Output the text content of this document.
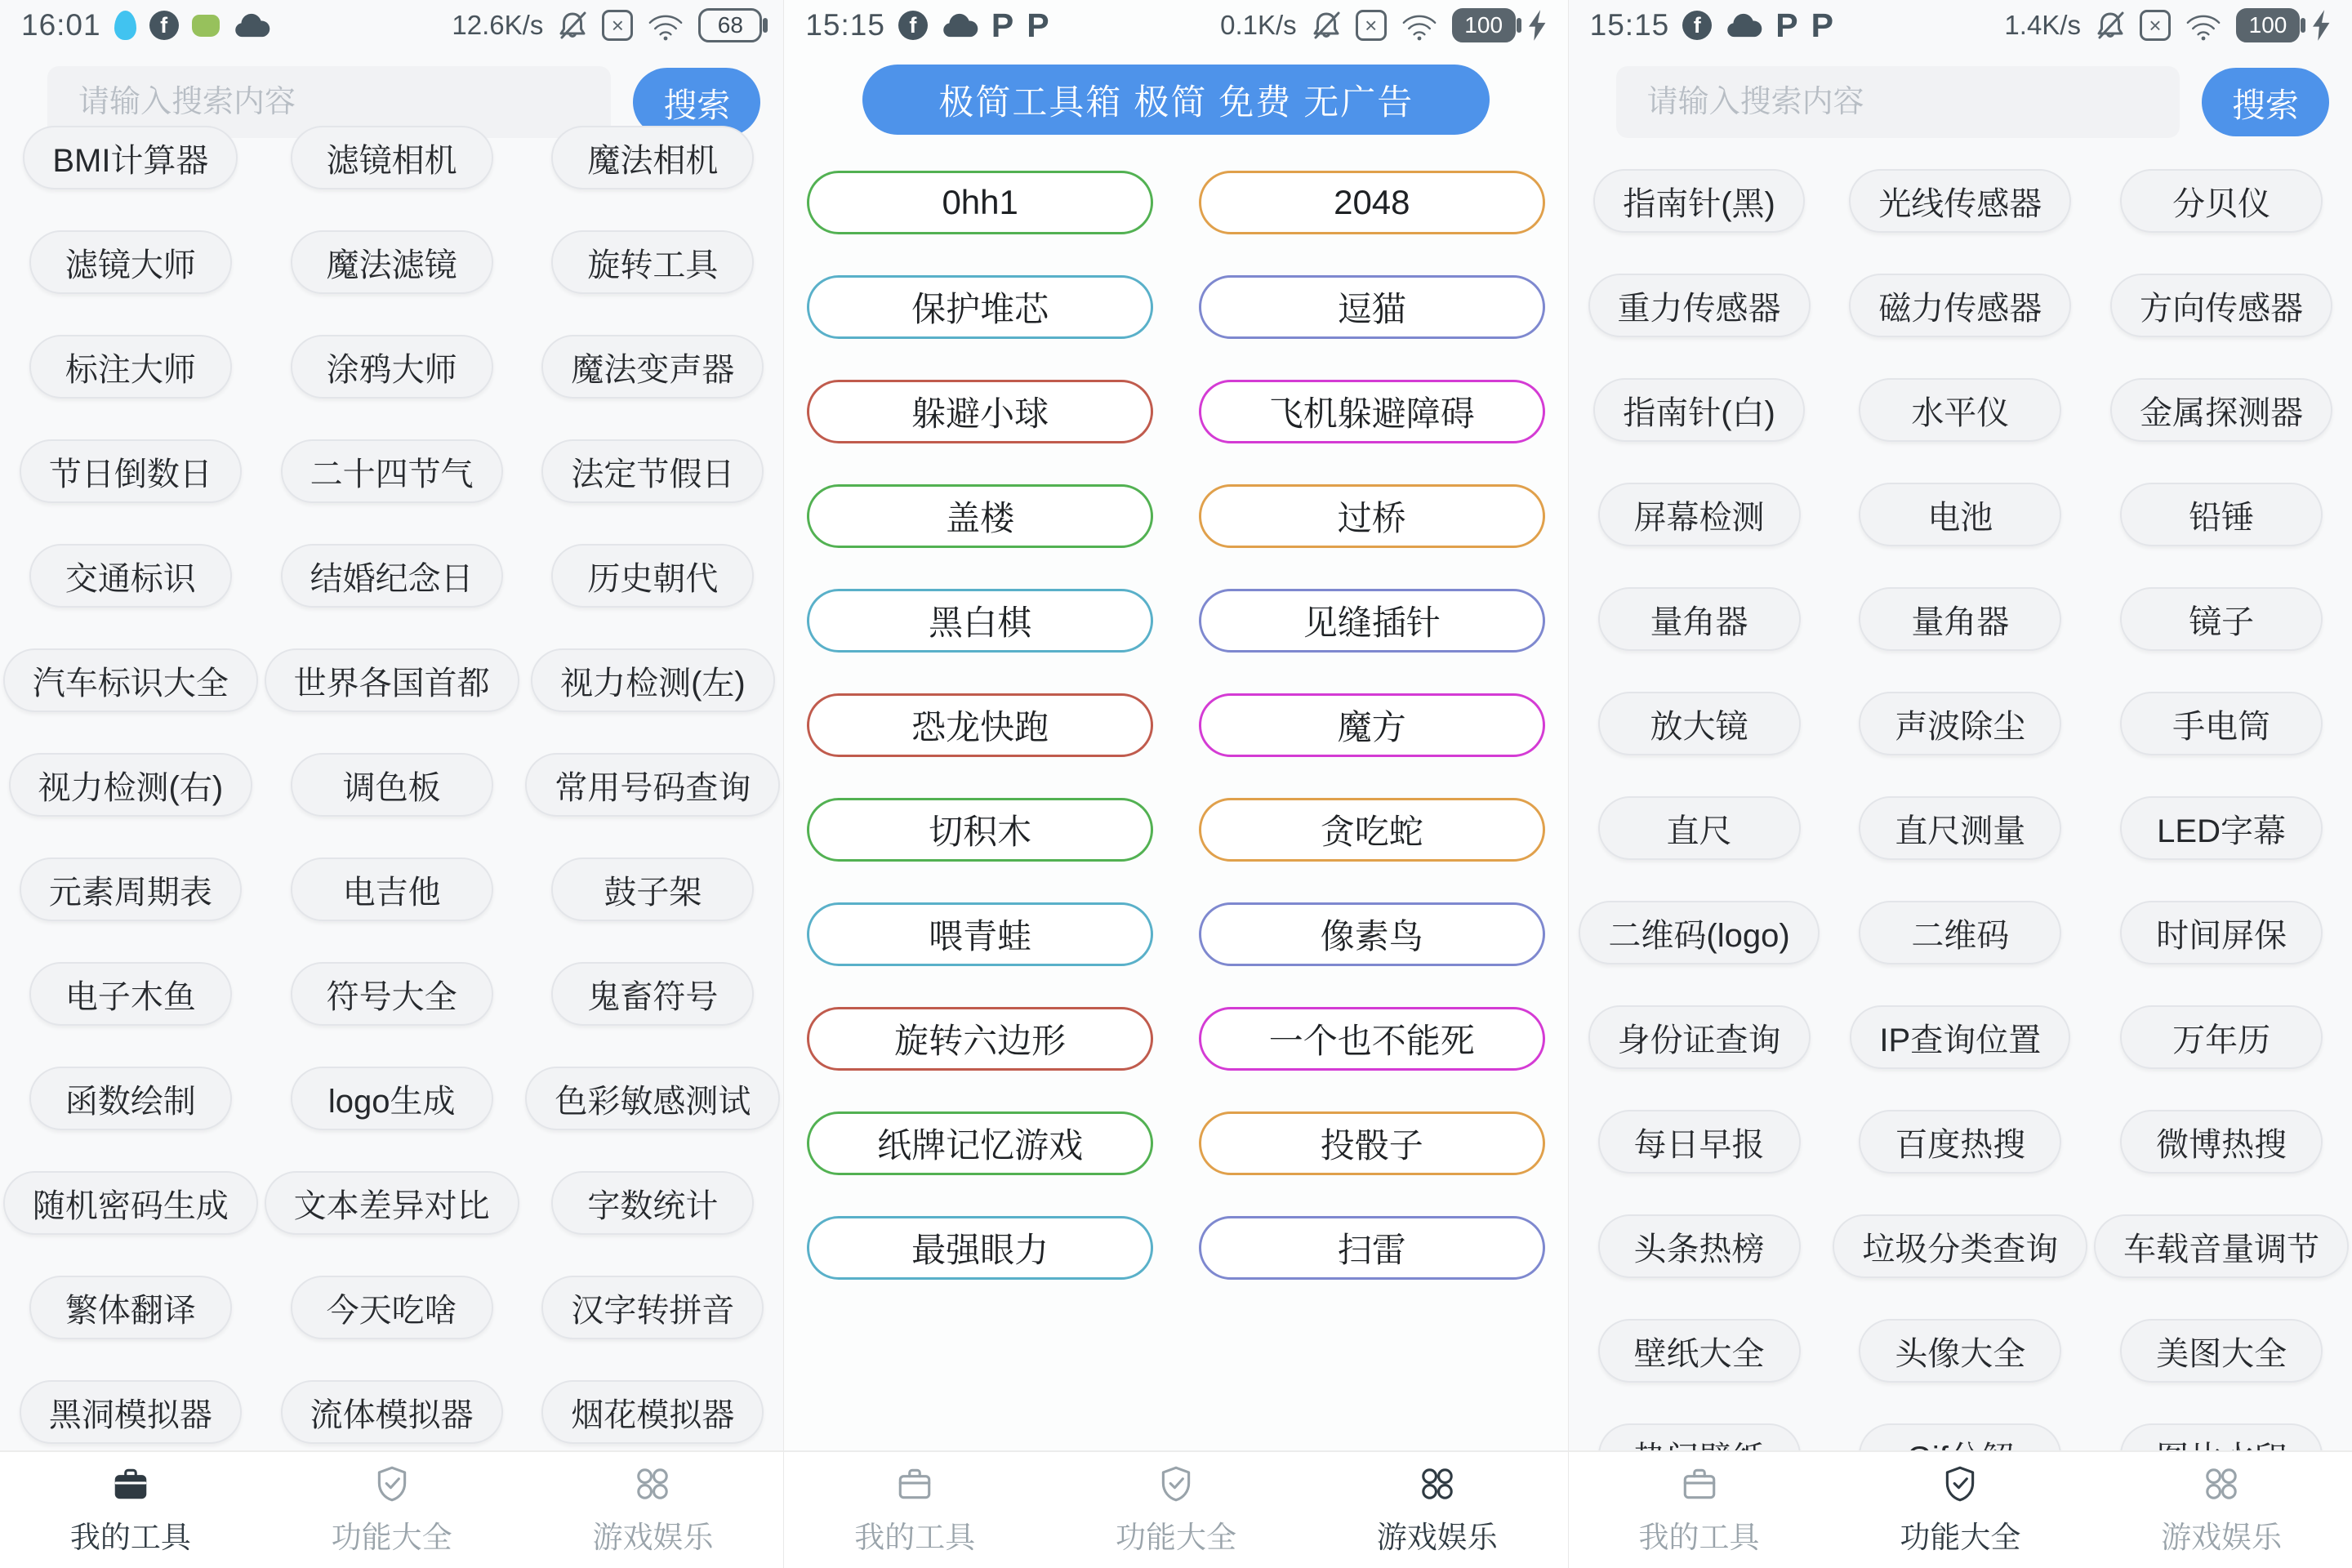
16:01	f	12.6K/s	×	68
请输入搜索内容
搜索
BMI计算器	滤镜相机	魔法相机
滤镜大师	魔法滤镜	旋转工具
标注大师	涂鸦大师	魔法变声器
节日倒数日	二十四节气	法定节假日
交通标识	结婚纪念日	历史朝代
汽车标识大全	世界各国首都	视力检测(左)
视力检测(右)	调色板	常用号码查询
元素周期表	电吉他	鼓子架
电子木鱼	符号大全	鬼畜符号
函数绘制	logo生成	色彩敏感测试
随机密码生成	文本差异对比	字数统计
繁体翻译	今天吃啥	汉字转拼音
黑洞模拟器	流体模拟器	烟花模拟器
我的工具	功能大全	游戏娱乐
15:15	f	P P	0.1K/s	×	100
极简工具箱 极简 免费 无广告
0hh1	2048
保护堆芯	逗猫
躲避小球	飞机躲避障碍
盖楼	过桥
黑白棋	见缝插针
恐龙快跑	魔方
切积木	贪吃蛇
喂青蛙	像素鸟
旋转六边形	一个也不能死
纸牌记忆游戏	投骰子
最强眼力	扫雷
我的工具	功能大全	游戏娱乐
15:15	f	P P	1.4K/s	×	100
请输入搜索内容
搜索
指南针(黑)	光线传感器	分贝仪
重力传感器	磁力传感器	方向传感器
指南针(白)	水平仪	金属探测器
屏幕检测	电池	铅锤
量角器	量角器	镜子
放大镜	声波除尘	手电筒
直尺	直尺测量	LED字幕
二维码(logo)	二维码	时间屏保
身份证查询	IP查询位置	万年历
每日早报	百度热搜	微博热搜
头条热榜	垃圾分类查询	车载音量调节
壁纸大全	头像大全	美图大全
我的工具	功能大全	游戏娱乐
